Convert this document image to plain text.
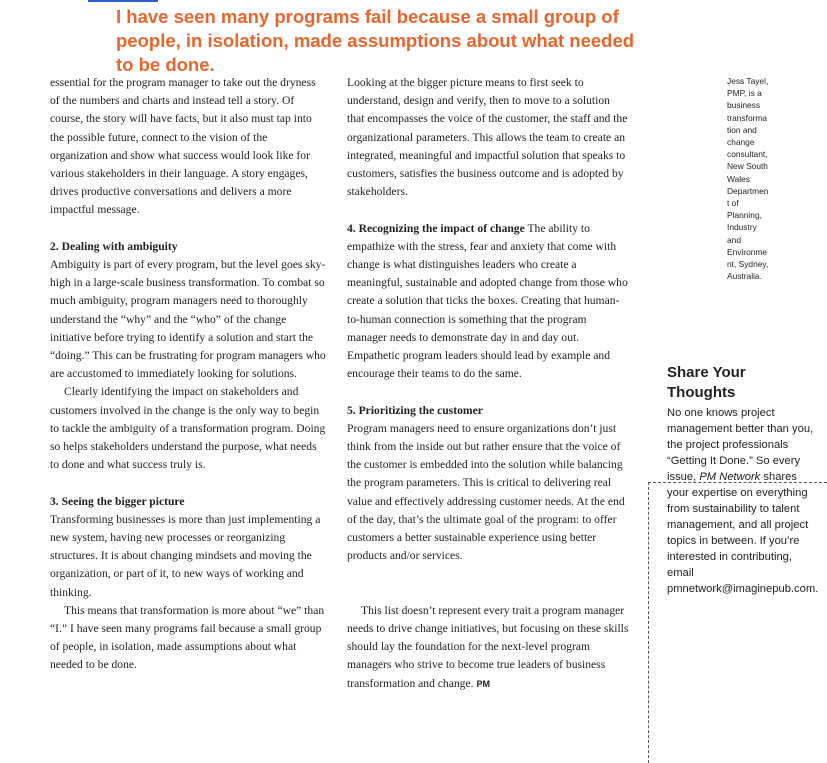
I have seen many programs fail because a small group of people, in isolation, made assumptions about what needed to be done.

essential for the program manager to take out the dryness of the numbers and charts and instead tell a story. Of course, the story will have facts, but it also must tap into the possible future, connect to the vision of the organization and show what success would look like for various stakeholders in their language. A story engages, drives productive conversations and delivers a more impactful message.

2. Dealing with ambiguity

Ambiguity is part of every program, but the level goes sky-high in a large-scale business transformation. To combat so much ambiguity, program managers need to thoroughly understand the “why” and the “who” of the change initiative before trying to identify a solution and start the “doing.” This can be frustrating for program managers who are accustomed to immediately looking for solutions.

Clearly identifying the impact on stakeholders and customers involved in the change is the only way to begin to tackle the ambiguity of a transformation program. Doing so helps stakeholders understand the purpose, what needs to done and what success truly is.

3. Seeing the bigger picture

Transforming businesses is more than just implementing a new system, having new processes or reorganizing structures. It is about changing mindsets and moving the organization, or part of it, to new ways of working and thinking.

This means that transformation is more about “we” than “I.” I have seen many programs fail because a small group of people, in isolation, made assumptions about what needed to be done.

Looking at the bigger picture means to first seek to understand, design and verify, then to move to a solution that encompasses the voice of the customer, the staff and the organizational parameters. This allows the team to create an integrated, meaningful and impactful solution that speaks to customers, satisfies the business outcome and is adopted by stakeholders.

4. Recognizing the impact of change The ability to empathize with the stress, fear and anxiety that come with change is what distinguishes leaders who create a meaningful, sustainable and adopted change from those who create a solution that ticks the boxes. Creating that human-to-human connection is something that the program manager needs to demonstrate day in and day out. Empathetic program leaders should lead by example and encourage their teams to do the same.

5. Prioritizing the customer

Program managers need to ensure organizations don’t just think from the inside out but rather ensure that the voice of the customer is embedded into the solution while balancing the program parameters. This is critical to delivering real value and effectively addressing customer needs. At the end of the day, that’s the ultimate goal of the program: to offer customers a better sustainable experience using better products and/or services.

This list doesn’t represent every trait a program manager needs to drive change initiatives, but focusing on these skills should lay the foundation for the next-level program managers who strive to become true leaders of business transformation and change. PM

Jess Tayel, PMP, is a business transformation and change consultant, New South Wales Department of Planning, Industry and Environment, Sydney, Australia.
Share Your Thoughts

No one knows project management better than you, the project professionals “Getting It Done.” So every issue, PM Network shares your expertise on everything from sustainability to talent management, and all project topics in between. If you’re interested in contributing, email pmnetwork@imaginepub.com.
